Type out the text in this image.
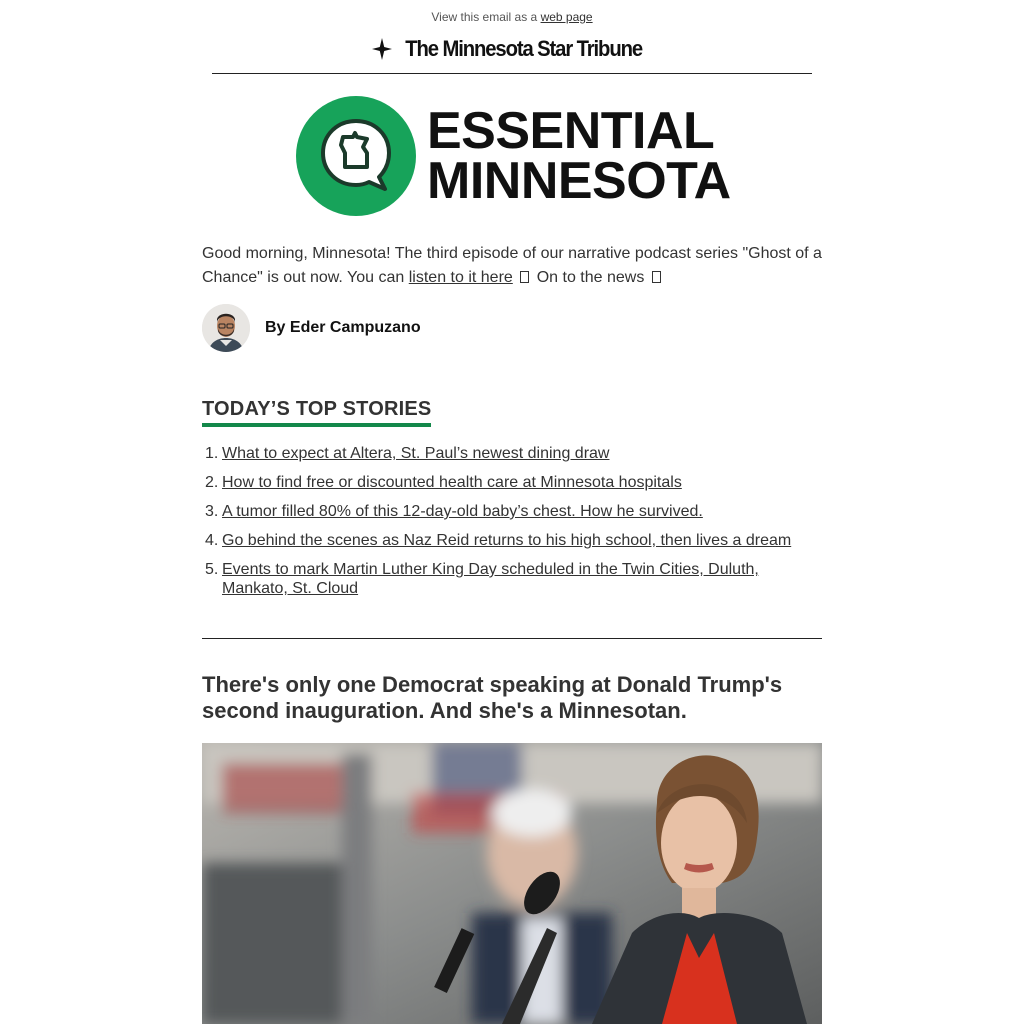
View this email as a web page
The Minnesota Star Tribune
ESSENTIAL
MINNESOTA
Good morning, Minnesota! The third episode of our narrative podcast series "Ghost of a Chance" is out now. You can listen to it here On to the news
By Eder Campuzano
TODAY’S TOP STORIES
1. What to expect at Altera, St. Paul’s newest dining draw
2. How to find free or discounted health care at Minnesota hospitals
3. A tumor filled 80% of this 12-day-old baby’s chest. How he survived.
4. Go behind the scenes as Naz Reid returns to his high school, then lives a dream
5. Events to mark Martin Luther King Day scheduled in the Twin Cities, Duluth, Mankato, St. Cloud
There's only one Democrat speaking at Donald Trump's second inauguration. And she's a Minnesotan.
